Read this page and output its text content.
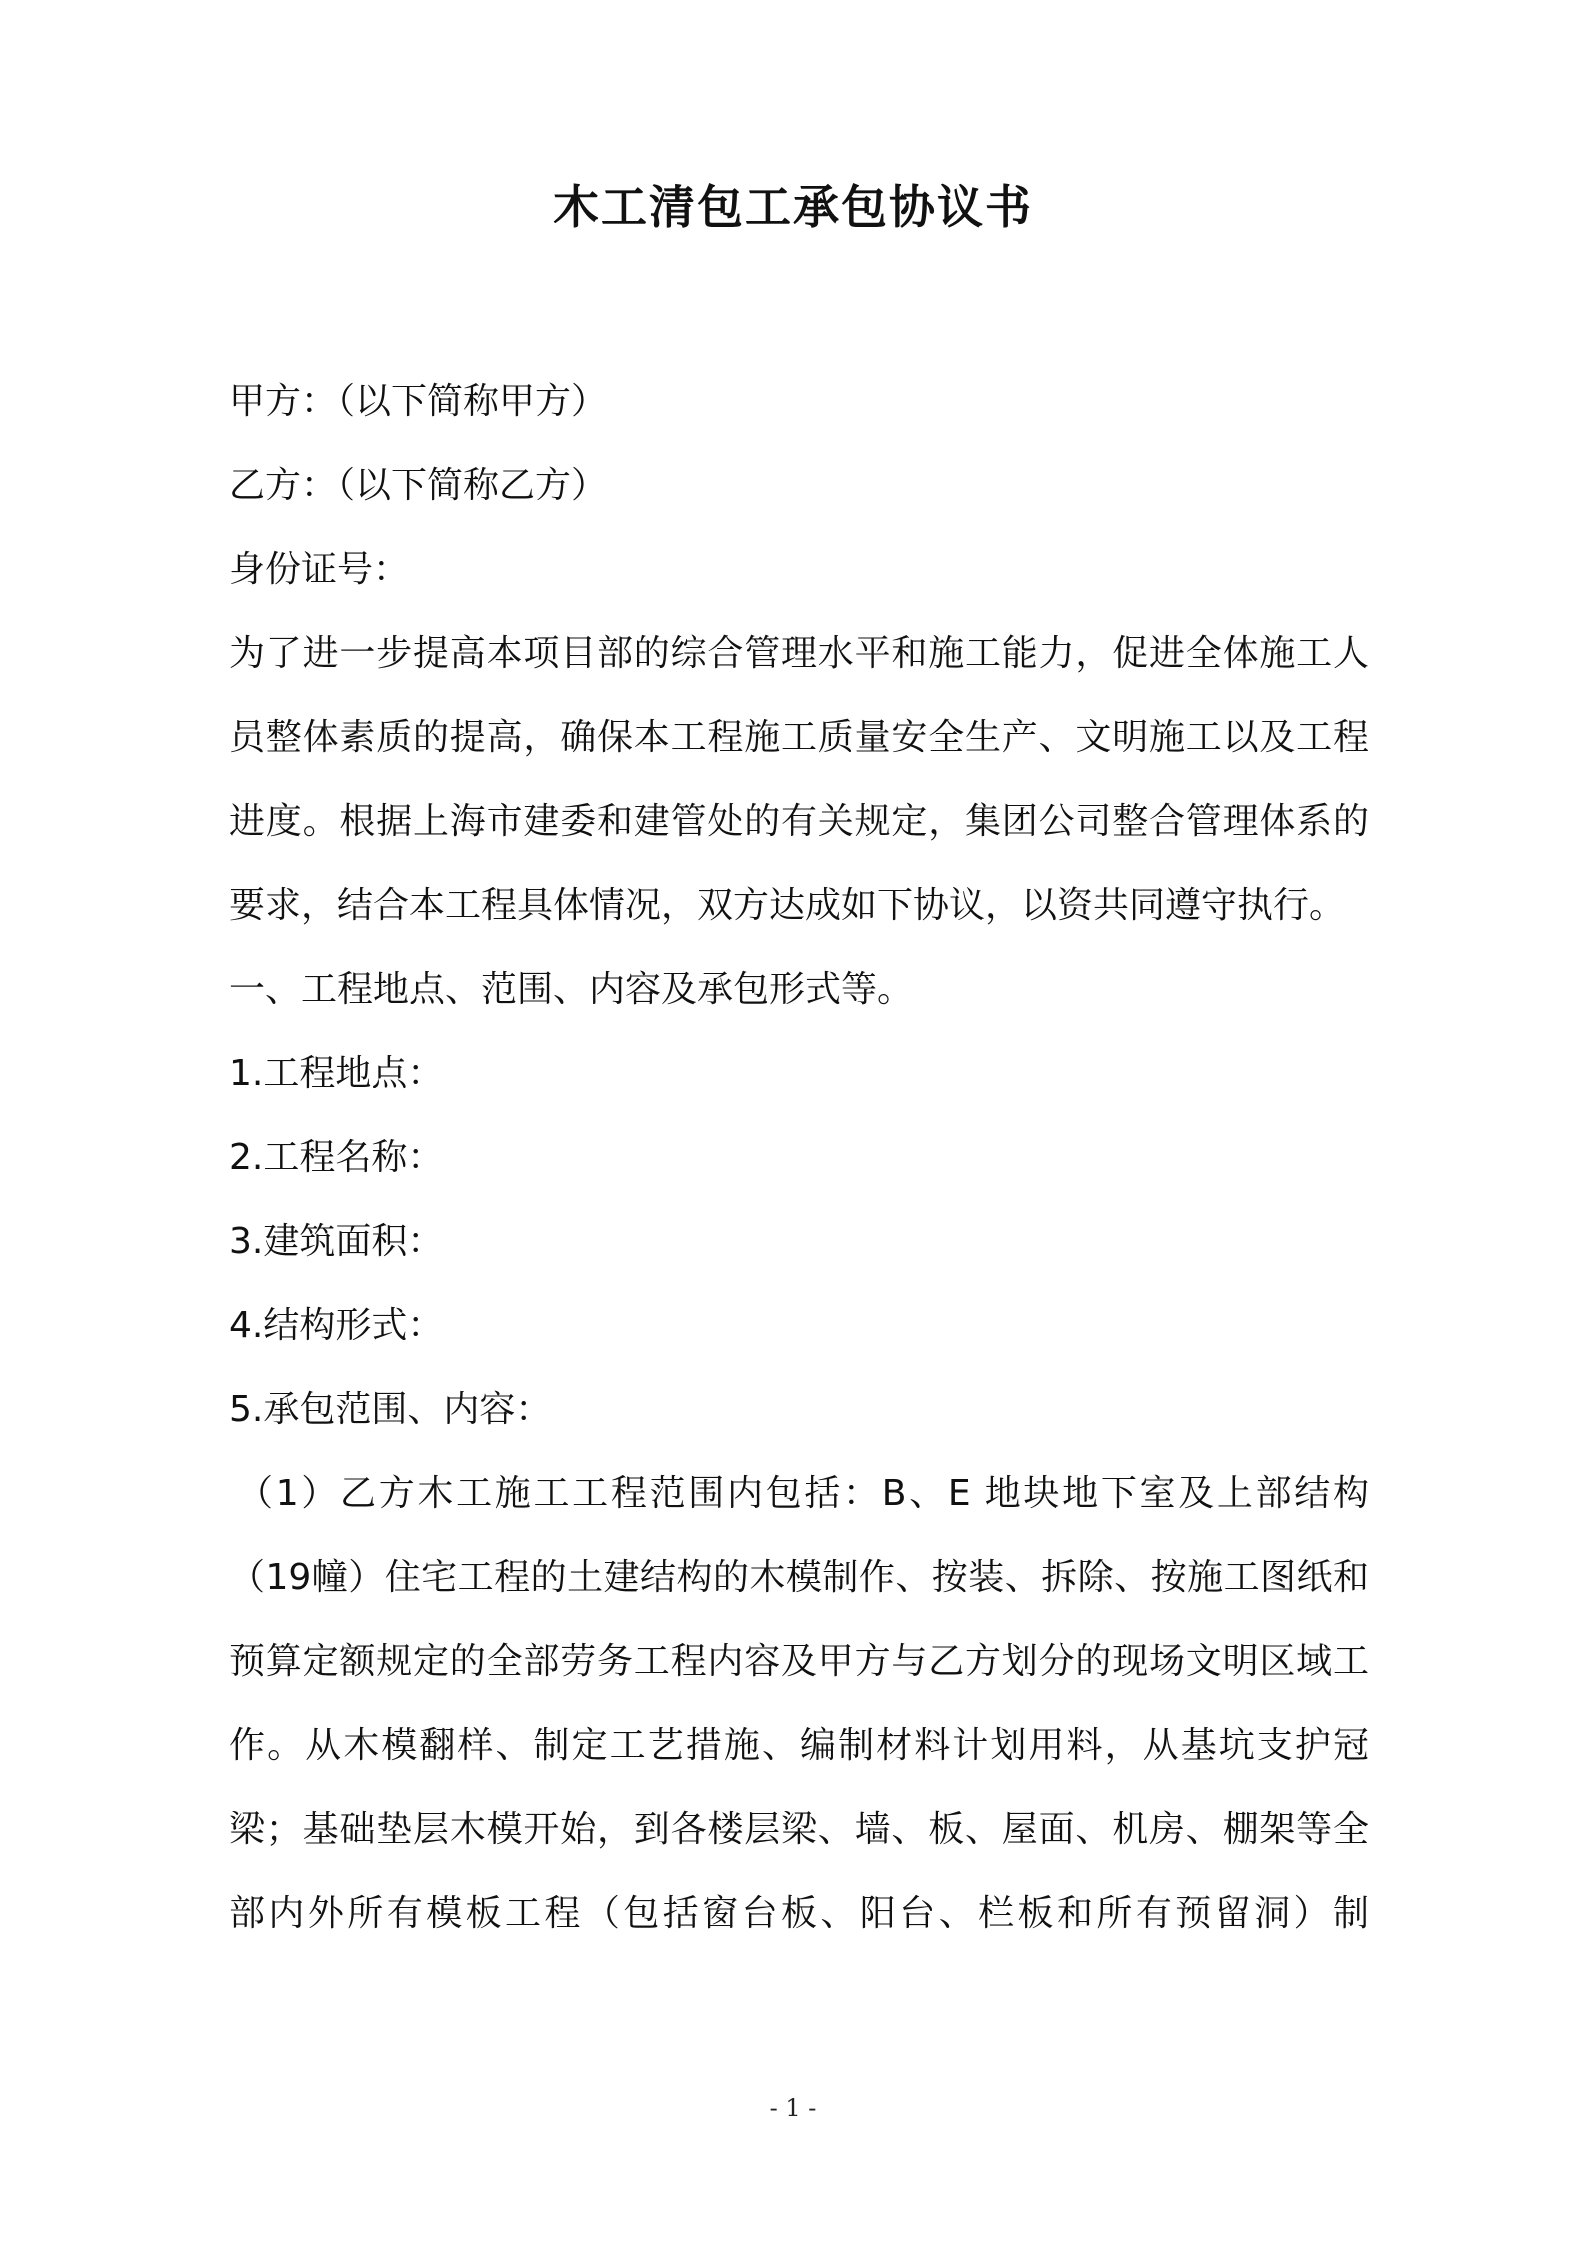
木工清包工承包协议书
甲方：（以下简称甲方）
乙方：（以下简称乙方）
身份证号：
为了进一步提高本项目部的综合管理水平和施工能力，促进全体施工人员整体素质的提高，确保本工程施工质量安全生产、文明施工以及工程进度。根据上海市建委和建管处的有关规定，集团公司整合管理体系的要求，结合本工程具体情况，双方达成如下协议，以资共同遵守执行。
一、工程地点、范围、内容及承包形式等。
1.工程地点：
2.工程名称：
3.建筑面积：
4.结构形式：
5.承包范围、内容：
（1）乙方木工施工工程范围内包括：B、E 地块地下室及上部结构（19幢）住宅工程的土建结构的木模制作、按装、拆除、按施工图纸和预算定额规定的全部劳务工程内容及甲方与乙方划分的现场文明区域工作。从木模翻样、制定工艺措施、编制材料计划用料，从基坑支护冠梁；基础垫层木模开始，到各楼层梁、墙、板、屋面、机房、棚架等全部内外所有模板工程（包括窗台板、阳台、栏板和所有预留洞）制
- 1 -
